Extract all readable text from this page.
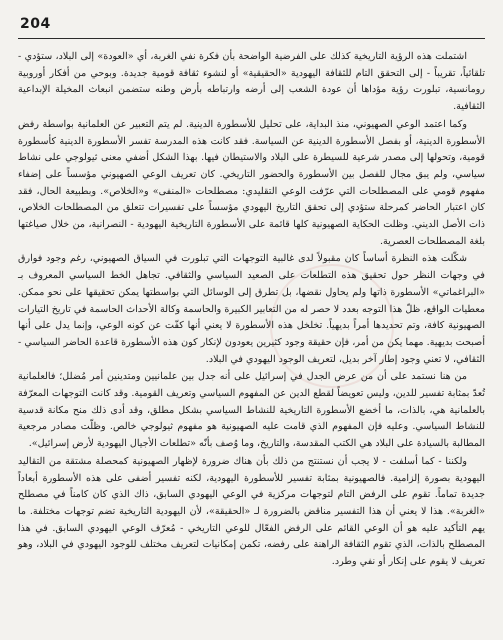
204

اشتملت هذه الرؤية التاريخية كذلك على الفرضية الواضحة بأن فكرة نفي الغربة، أي «العودة» إلى البلاد، ستؤدي - تلقائياً، تقريباً - إلى التحقق التام للثقافة اليهودية «الحقيقية» أو لنشوء ثقافة قومية جديدة. وبوحي من أفكار أوروبية رومانسية، تبلورت رؤية مؤداها أن عودة الشعب إلى أرضه وارتباطه بأرض وطنه ستضمن انبعاث المخيلة الإبداعية الثقافية.

وكما اعتمد الوعي الصهيوني، منذ البداية، على تحليل للأسطورة الدينية. لم يتم التعبير عن العلمانية بواسطة رفض الأسطورة الدينية، أو بفصل الأسطورة الدينية عن السياسة. فقد كانت هذه المدرسة تفسر الأسطورة الدينية كأسطورة قومية، وتحولها إلى مصدر شرعية للسيطرة على البلاد والاستيطان فيها. بهذا الشكل أضفي معنى ثيولوجي على نشاط سياسي، ولم يبق مجال للفصل بين الأسطورة والحضور التاريخي. كان تعريف الوعي الصهيوني مؤسساً على إضفاء مفهوم قومي على المصطلحات التي عرّفت الوعي التقليدي: مصطلحات «المنفى» و«الخلاص». وبطبيعة الحال، فقد كان اعتبار الحاضر كمرحلة ستؤدي إلى تحقق التاريخ اليهودي مؤسساً على تفسيرات تتعلق من المصطلحات الخلاص، ذات الأصل الديني. وظلت الحكاية الصهيونية كلها قائمة على الأسطورة التاريخية اليهودية - النصرانية، من خلال صياغتها بلغة المصطلحات العصرية.

شكّلت هذه النظرة أساساً كان مقبولاً لدى غالبية التوجهات التي تبلورت في السياق الصهيوني، رغم وجود فوارق في وجهات النظر حول تحقيق هذه التطلعات على الصعيد السياسي والثقافي. تجاهل الخط السياسي المعروف بـ «البراغماتي» الأسطورة ذاتها ولم يحاول نقضها، بل تطرق إلى الوسائل التي بواسطتها يمكن تحقيقها على نحو ممكن. معطيات الواقع، ظلّ هذا التوجه بعدد لا حصر له من التعابير الكبيرة والحاسمة وكالة الأحداث الحاسمة في تاريخ التيارات الصهيونية كافة، وتم تحديدها أمراً بديهياً. تخلخل هذه الأسطورة لا يعني أنها كفّت عن كونه الوعي، وإنما يدل على أنها أصبحت بديهية. مهما يكن من أمر، فإن حقيقة وجود كثيرين يعودون لإنكار كون هذه الأسطورة قاعدة الحاضر السياسي - الثقافي، لا تعني وجود إطار آخر بديل، لتعريف الوجود اليهودي في البلاد.

من هنا نستمد على أن من عرض الجدل في إسرائيل على أنه جدل بين علمانيين ومتدينين أمر مُضلل؛ فالعلمانية تُعدّ بمثابة تفسير للدين، وليس تعويضاً لقطع الدين عن المفهوم السياسي وتعريف القومية. وقد كانت التوجهات المعرّفة بالعلمانية هي، بالذات، ما أخضع الأسطورة التاريخية للنشاط السياسي بشكل مطلق، وقد أدى ذلك منح مكانة قدسية للنشاط السياسي. وعليه فإن المفهوم الذي قامت عليه الصهيونية هو مفهوم ثيولوجي خالص. وظلّت مصادر مرجعية المطالبة بالسيادة على البلاد هي الكتب المقدسة، والتاريخ، وما وُصف بأنّه «تطلعات الأجيال اليهودية لأرض إسرائيل».

ولكننا - كما أسلفت - لا يجب أن نستنتج من ذلك بأن هناك ضرورة لإظهار الصهيونية كمحصلة مشتقة من التقاليد اليهودية بصورة إلزامية. فالصهيونية بمثابة تفسير للأسطورة اليهودية، لكنه تفسير أضفى على هذه الأسطورة أبعاداً جديدة تماماً. تقوم على الرفض التام لتوجهات مركزية في الوعي اليهودي السابق، ذاك الذي كان كامناً في مصطلح «الغربة». هذا لا يعني أن هذا التفسير مناقض بالضرورة لـ «الحقيقة»، لأن اليهودية التاريخية تضم توجهات مختلفة. ما يهم التأكيد عليه هو أن الوعي القائم على الرفض الفعّال للوعي التاريخي - مُعرّف الوعي اليهودي السابق. في هذا المصطلح بالذات، الذي تقوم الثقافة الراهنة على رفضه، تكمن إمكانيات لتعريف مختلف للوجود اليهودي في البلاد، وهو تعريف لا يقوم على إنكار أو نفي وطرد.
